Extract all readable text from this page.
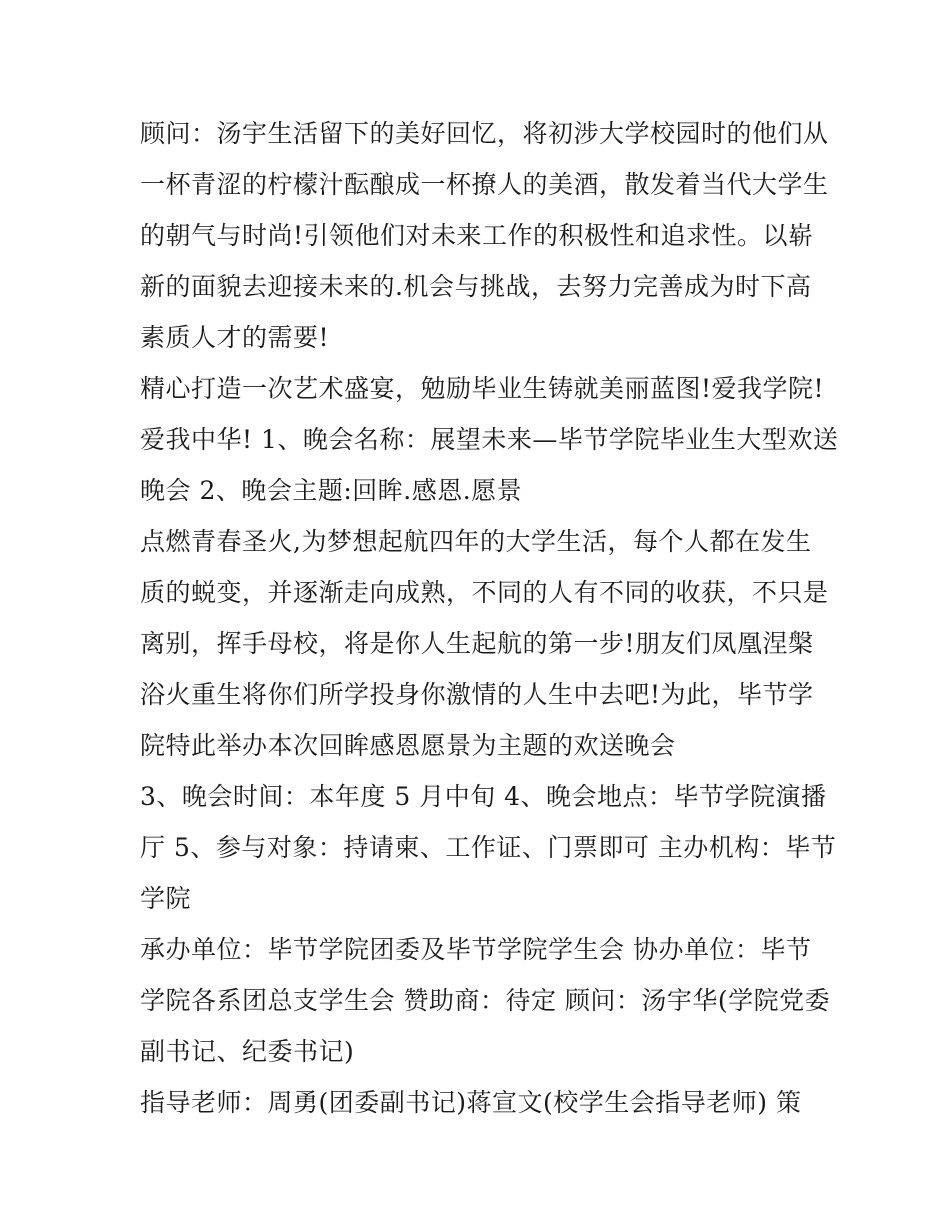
顾问：汤宇生活留下的美好回忆，将初涉大学校园时的他们从
一杯青涩的柠檬汁酝酿成一杯撩人的美酒，散发着当代大学生
的朝气与时尚!引领他们对未来工作的积极性和追求性。以崭
新的面貌去迎接未来的.机会与挑战，去努力完善成为时下高
素质人才的需要!
精心打造一次艺术盛宴，勉励毕业生铸就美丽蓝图!爱我学院!
爱我中华! 1、晚会名称：展望未来—毕节学院毕业生大型欢送
晚会 2、晚会主题:回眸.感恩.愿景
点燃青春圣火,为梦想起航四年的大学生活，每个人都在发生
质的蜕变，并逐渐走向成熟，不同的人有不同的收获，不只是
离别，挥手母校，将是你人生起航的第一步!朋友们凤凰涅槃
浴火重生将你们所学投身你激情的人生中去吧!为此，毕节学
院特此举办本次回眸感恩愿景为主题的欢送晚会
3、晚会时间：本年度 5 月中旬 4、晚会地点：毕节学院演播
厅 5、参与对象：持请柬、工作证、门票即可 主办机构：毕节
学院
承办单位：毕节学院团委及毕节学院学生会 协办单位：毕节
学院各系团总支学生会 赞助商：待定 顾问：汤宇华(学院党委
副书记、纪委书记)
指导老师：周勇(团委副书记)蒋宣文(校学生会指导老师) 策
